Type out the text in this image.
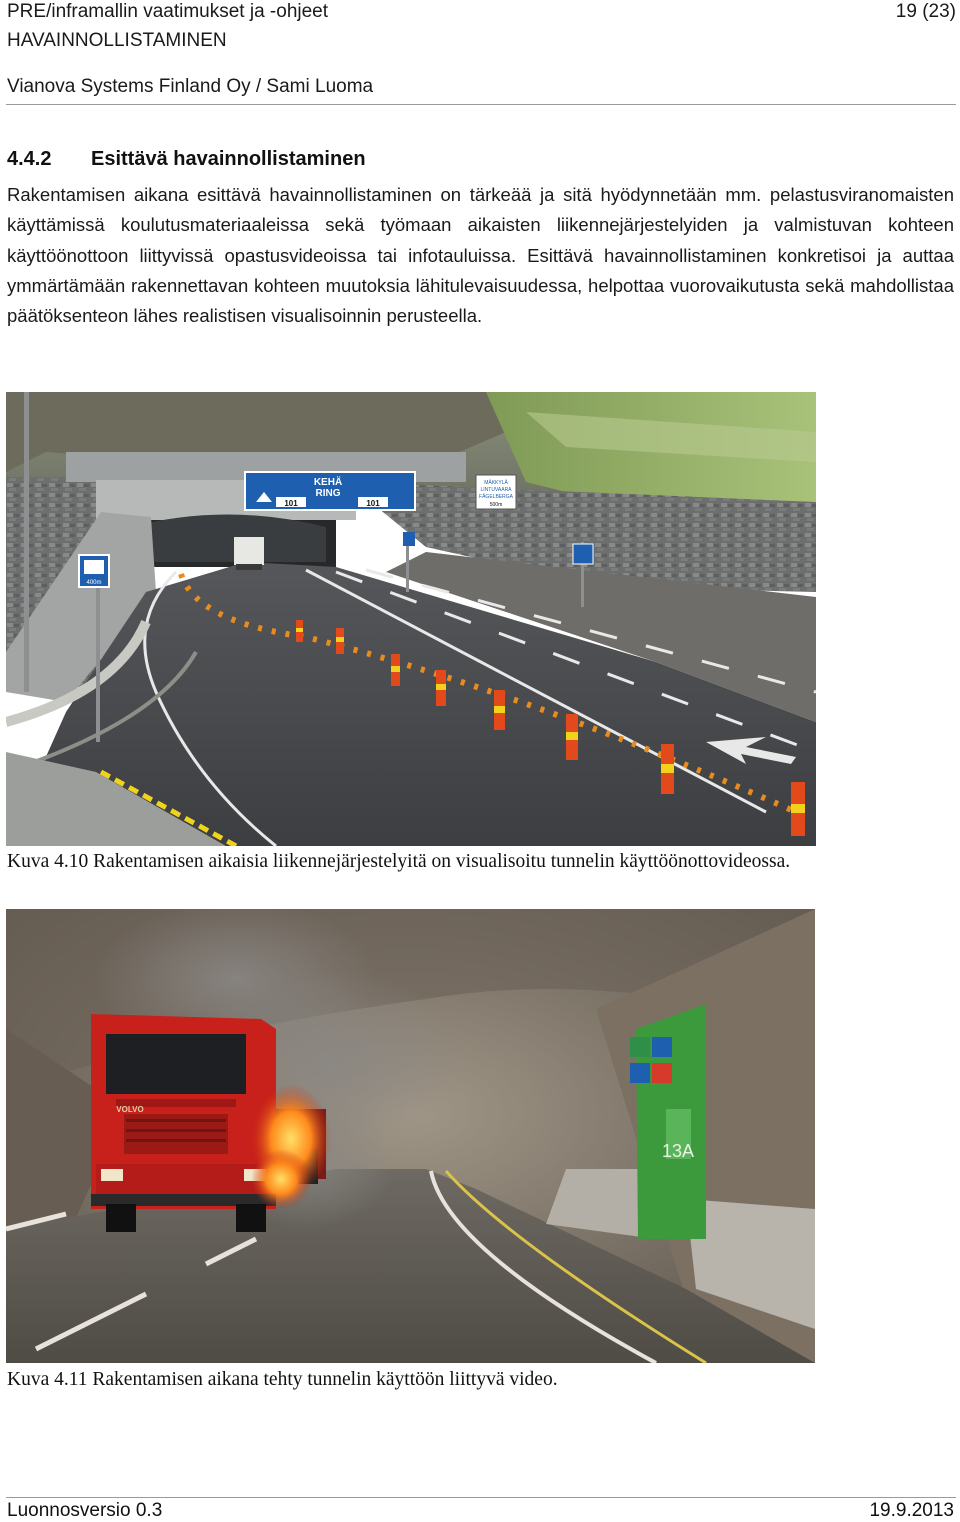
PRE/inframallin vaatimukset ja -ohjeet	19 (23)
HAVAINNOLLISTAMINEN
Vianova Systems Finland Oy / Sami Luoma
4.4.2 Esittävä havainnollistaminen
Rakentamisen aikana esittävä havainnollistaminen on tärkeää ja sitä hyödynnetään mm. pelastusviranomaisten käyttämissä koulutusmateriaaleissa sekä työmaan aikaisten liikennejärjestelyiden ja valmistuvan kohteen käyttöönottoon liittyvissä opastusvideoissa tai infotauluissa. Esittävä havainnollistaminen konkretisoi ja auttaa ymmärtämään rakennettavan kohteen muutoksia lähitulevaisuudessa, helpottaa vuorovaikutusta sekä mahdollistaa päätöksenteon lähes realistisen visualisoinnin perusteella.
KEHÄ
RING
101	101
MÄKKYLÄ
LINTUVAARA
FÅGELBERGA
500m
400m
Kuva 4.10 Rakentamisen aikaisia liikennejärjestelyitä on visualisoitu tunnelin käyttöönottovideossa.
13A
VOLVO
Kuva 4.11 Rakentamisen aikana tehty tunnelin käyttöön liittyvä video.
Luonnosversio 0.3	19.9.2013
